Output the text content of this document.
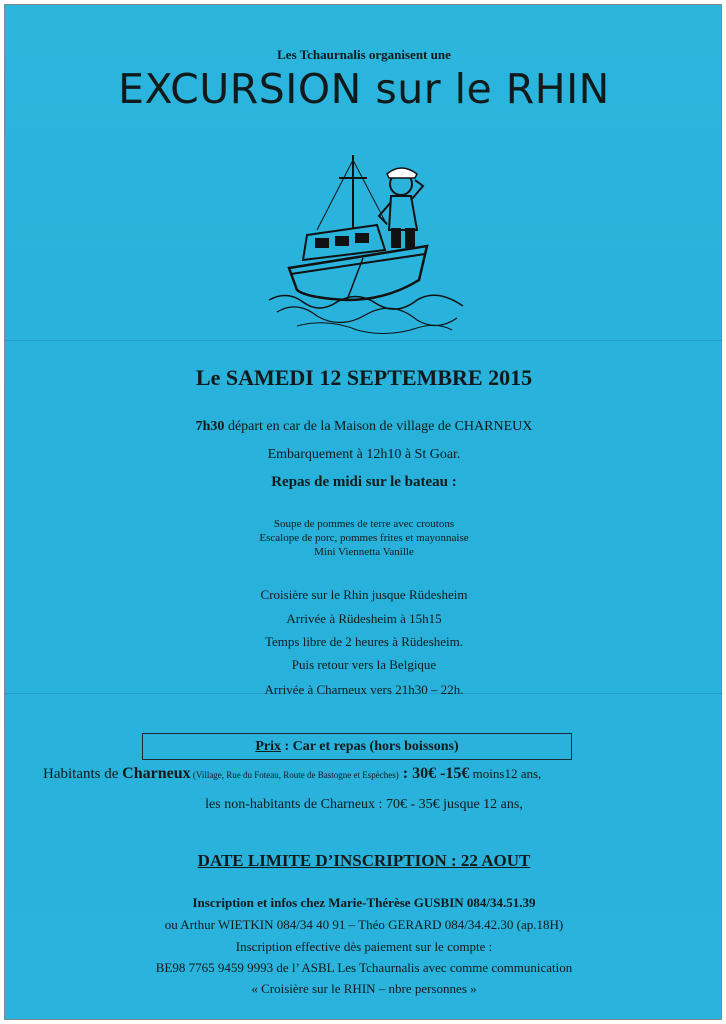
Les Tchaurnalis organisent une
EXCURSION sur le RHIN
Le SAMEDI 12 SEPTEMBRE 2015
7h30 départ en car de la Maison de village de CHARNEUX
Embarquement à 12h10 à St Goar.
Repas de midi sur le bateau :
Soupe de pommes de terre avec croutons
Escalope de porc, pommes frites et mayonnaise
Mini Viennetta Vanille
Croisière sur le Rhin jusque Rüdesheim
Arrivée à Rüdesheim à 15h15
Temps libre de 2 heures à Rüdesheim.
Puis retour vers la Belgique
Arrivée à Charneux vers 21h30 – 22h.
Prix : Car et repas (hors boissons)
Habitants de Charneux (Village, Rue du Foteau, Route de Bastogne et Espèches) : 30€ -15€ moins12 ans,
les non-habitants de Charneux : 70€ - 35€ jusque 12 ans,
DATE LIMITE D’INSCRIPTION : 22 AOUT
Inscription et infos chez Marie-Thérèse GUSBIN 084/34.51.39
ou Arthur WIETKIN 084/34 40 91 – Théo GERARD 084/34.42.30 (ap.18H)
Inscription effective dès paiement sur le compte :
BE98 7765 9459 9993 de l’ ASBL Les Tchaurnalis avec comme communication
« Croisière sur le RHIN – nbre personnes »
